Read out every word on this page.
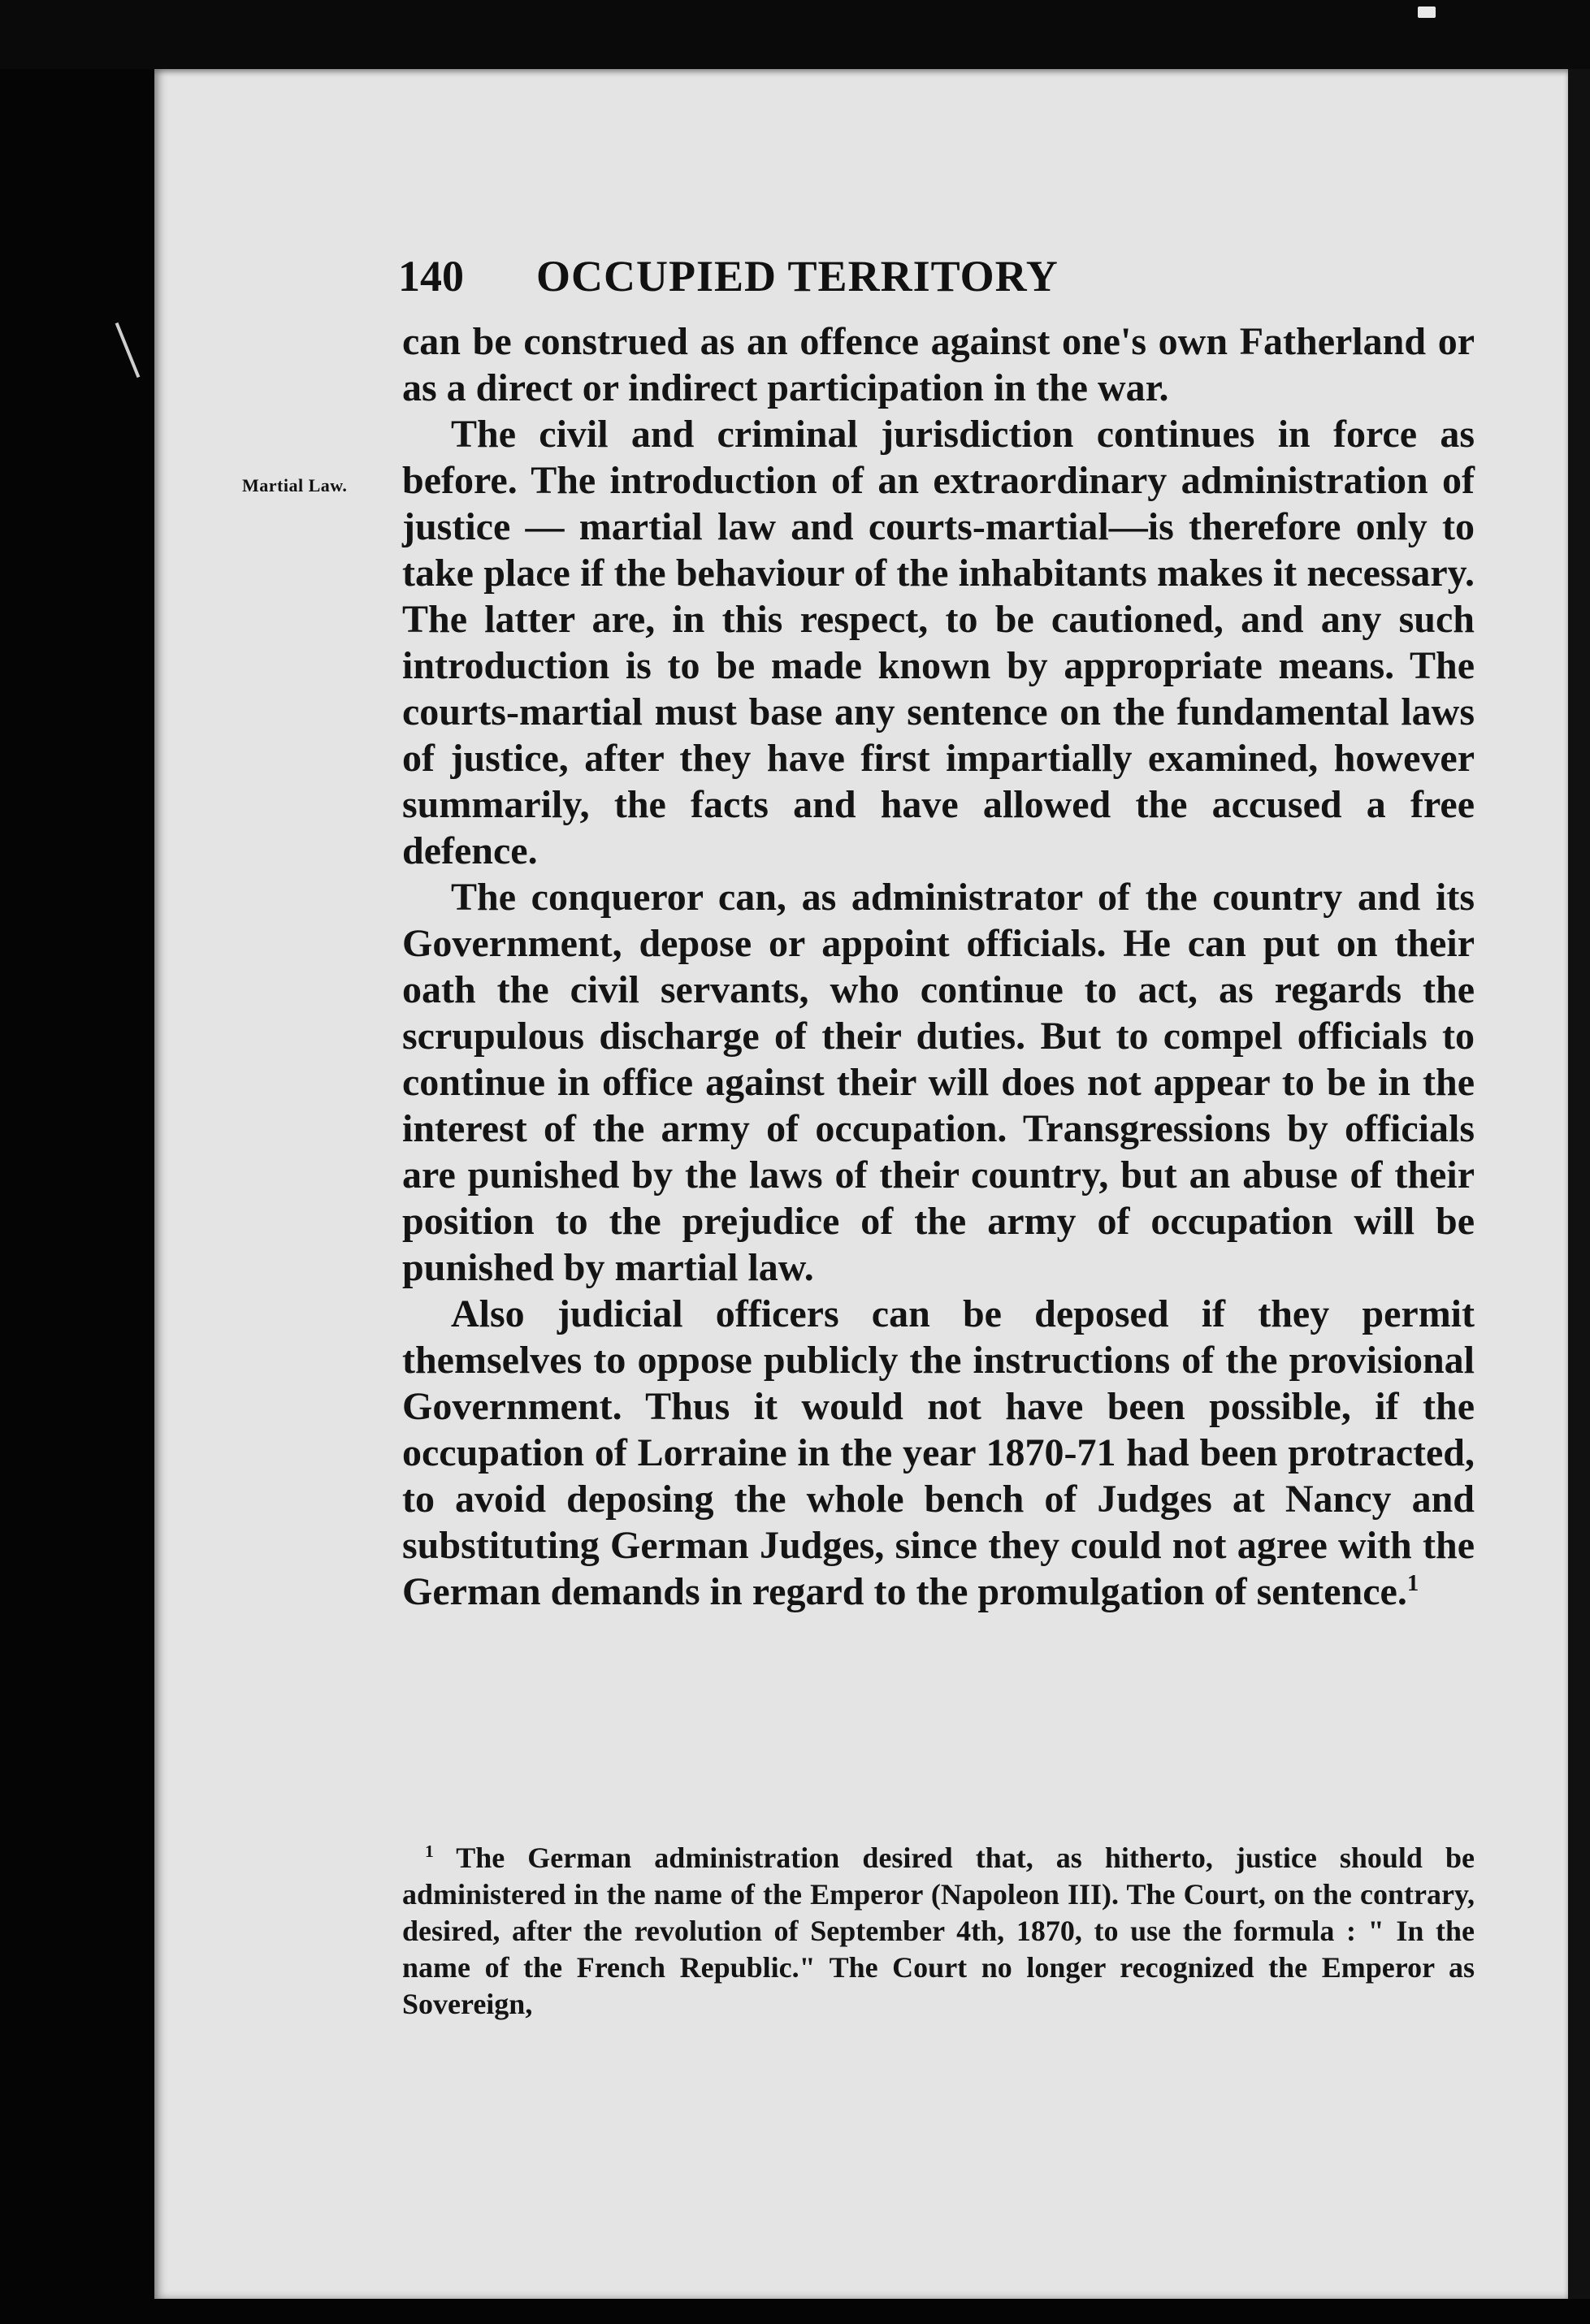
140 OCCUPIED TERRITORY
Martial Law.

can be construed as an offence against one's own Fatherland or as a direct or indirect participation in the war.

The civil and criminal jurisdiction continues in force as before. The introduction of an extraordinary administration of justice — martial law and courts-martial—is therefore only to take place if the behaviour of the inhabitants makes it necessary. The latter are, in this respect, to be cautioned, and any such introduction is to be made known by appropriate means. The courts-martial must base any sentence on the fundamental laws of justice, after they have first impartially examined, however summarily, the facts and have allowed the accused a free defence.

The conqueror can, as administrator of the country and its Government, depose or appoint officials. He can put on their oath the civil servants, who continue to act, as regards the scrupulous discharge of their duties. But to compel officials to continue in office against their will does not appear to be in the interest of the army of occupation. Transgressions by officials are punished by the laws of their country, but an abuse of their position to the prejudice of the army of occupation will be punished by martial law.

Also judicial officers can be deposed if they permit themselves to oppose publicly the instructions of the provisional Government. Thus it would not have been possible, if the occupation of Lorraine in the year 1870-71 had been protracted, to avoid deposing the whole bench of Judges at Nancy and substituting German Judges, since they could not agree with the German demands in regard to the promulgation of sentence.$^1$

$^1$ The German administration desired that, as hitherto, justice should be administered in the name of the Emperor (Napoleon III). The Court, on the contrary, desired, after the revolution of September 4th, 1870, to use the formula : " In the name of the French Republic." The Court no longer recognized the Emperor as Sovereign,
